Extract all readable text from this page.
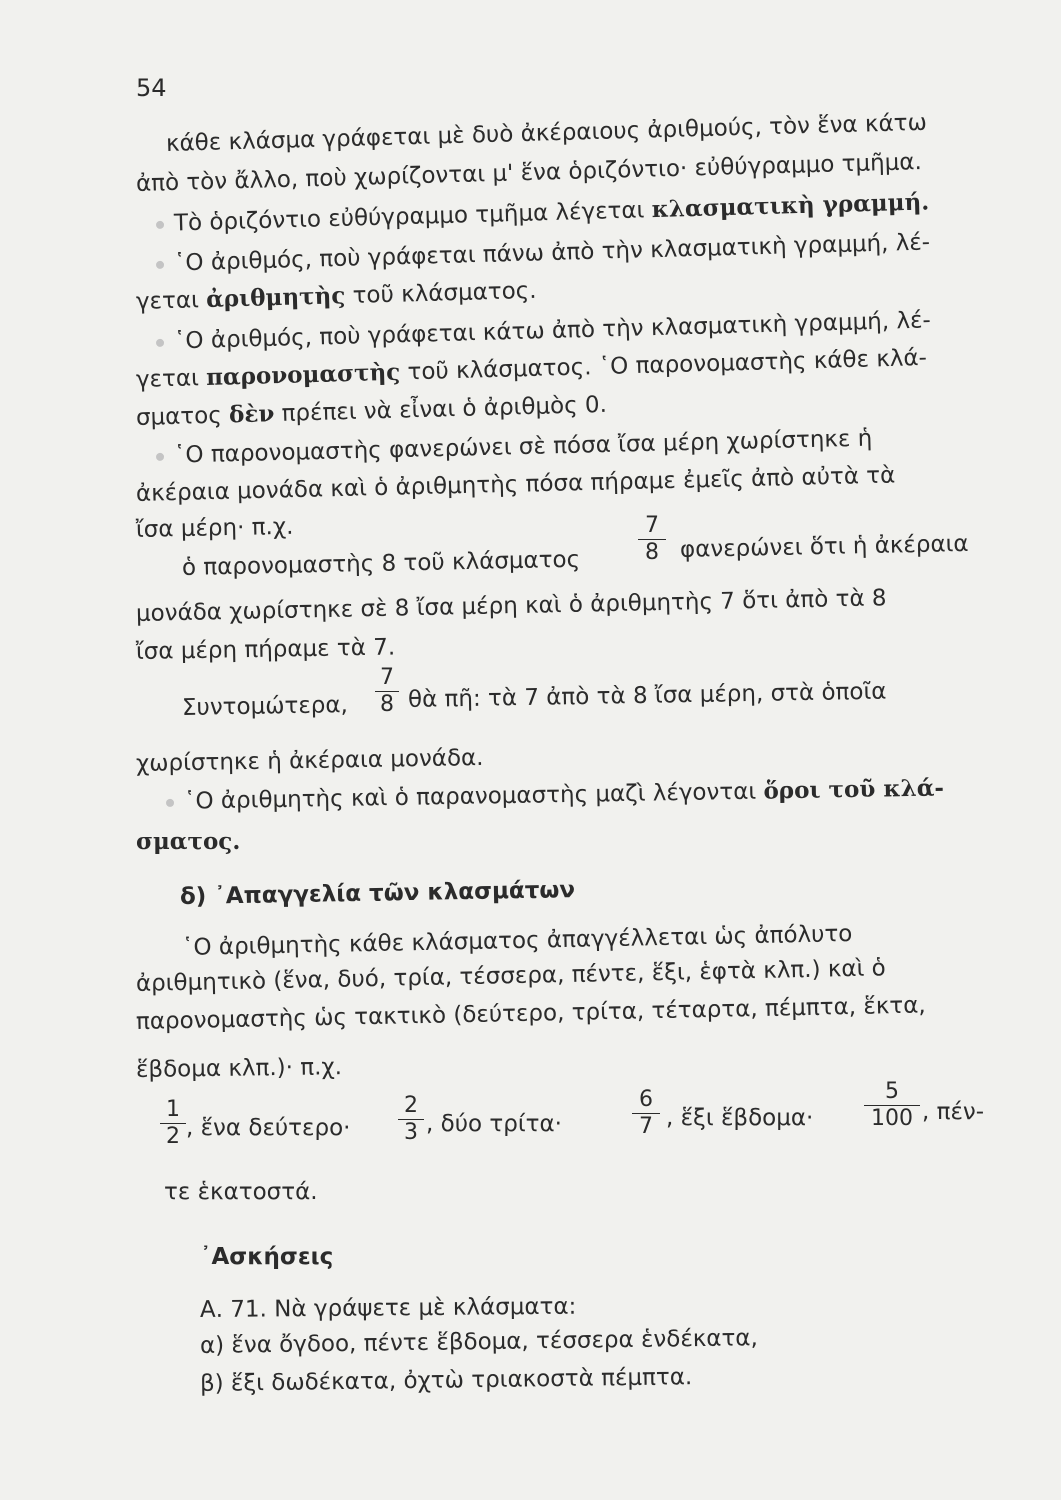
54
κάθε κλάσμα γράφεται μὲ δυὸ ἀκέραιους ἀριθμούς, τὸν ἕνα κάτω
ἀπὸ τὸν ἄλλο, ποὺ χωρίζονται μ' ἕνα ὁριζόντιο· εὐθύγραμμο τμῆμα.
Τὸ ὁριζόντιο εὐθύγραμμο τμῆμα λέγεται κλασματικὴ γραμμή.
῾Ο ἀριθμός, ποὺ γράφεται πάνω ἀπὸ τὴν κλασματικὴ γραμμή, λέ-
γεται ἀριθμητὴς τοῦ κλάσματος.
῾Ο ἀριθμός, ποὺ γράφεται κάτω ἀπὸ τὴν κλασματικὴ γραμμή, λέ-
γεται παρονομαστὴς τοῦ κλάσματος. ῾Ο παρονομαστὴς κάθε κλά-
σματος δὲν πρέπει νὰ εἶναι ὁ ἀριθμὸς 0.
῾Ο παρονομαστὴς φανερώνει σὲ πόσα ἴσα μέρη χωρίστηκε ἡ
ἀκέραια μονάδα καὶ ὁ ἀριθμητὴς πόσα πήραμε ἐμεῖς ἀπὸ αὐτὰ τὰ
ἴσα μέρη· π.χ.
ὁ παρονομαστὴς 8 τοῦ κλάσματος
7
8 φανερώνει ὅτι ἡ ἀκέραια
μονάδα χωρίστηκε σὲ 8 ἴσα μέρη καὶ ὁ ἀριθμητὴς 7 ὅτι ἀπὸ τὰ 8
ἴσα μέρη πήραμε τὰ 7.
Συντομώτερα,
7
8 θὰ πῆ: τὰ 7 ἀπὸ τὰ 8 ἴσα μέρη, στὰ ὁποῖα
χωρίστηκε ἡ ἀκέραια μονάδα.
῾Ο ἀριθμητὴς καὶ ὁ παρανομαστὴς μαζὶ λέγονται ὅροι τοῦ κλά-
σματος.
δ) ᾿Απαγγελία τῶν κλασμάτων
῾Ο ἀριθμητὴς κάθε κλάσματος ἀπαγγέλλεται ὡς ἀπόλυτο
ἀριθμητικὸ (ἕνα, δυό, τρία, τέσσερα, πέντε, ἕξι, ἑφτὰ κλπ.) καὶ ὁ
παρονομαστὴς ὡς τακτικὸ (δεύτερο, τρίτα, τέταρτα, πέμπτα, ἕκτα,
ἕβδομα κλπ.)· π.χ.
1
2 , ἕνα δεύτερο·
2
3 , δύο τρίτα·
6
7 , ἕξι ἕβδομα·
5
100 , πέν-
τε ἑκατοστά.
᾿Ασκήσεις
Α. 71. Νὰ γράψετε μὲ κλάσματα:
α) ἕνα ὄγδοο, πέντε ἕβδομα, τέσσερα ἑνδέκατα,
β) ἕξι δωδέκατα, ὀχτὼ τριακοστὰ πέμπτα.
